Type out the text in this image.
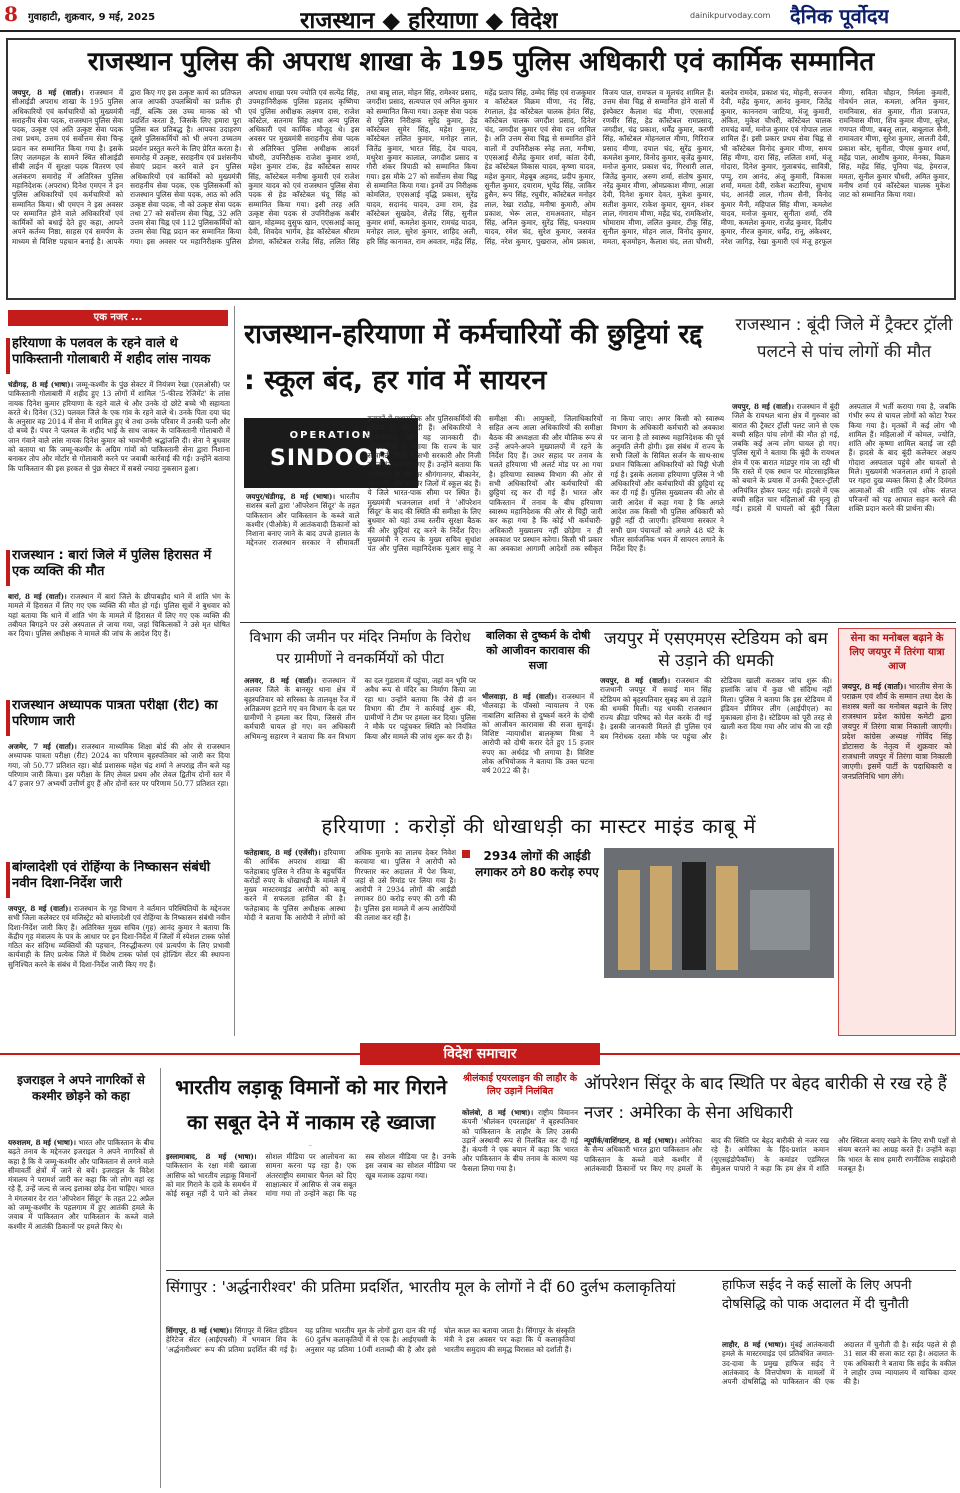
8 गुवाहाटी, शुक्रवार, 9 मई, 2025	राजस्थान ◆ हरियाणा ◆ विदेश	dainikpurvoday.com दैनिक पूर्वोदय
राजस्थान पुलिस की अपराध शाखा के 195 पुलिस अधिकारी एवं कार्मिक सम्मानित
जयपुर, 8 मई (वार्ता)। राजस्थान में सीआईडी अपराध शाखा के 195 पुलिस अधिकारियों एवं कर्मचारियों को मुख्यमंत्री सराहनीय सेवा पदक, राजस्थान पुलिस सेवा पदक, उत्कृष्ट एवं अति उत्कृष्ट सेवा पदक तथा प्रथम, उत्तम एवं सर्वोत्तम सेवा चिन्ह प्रदान कर सम्मानित किया गया है। इसके लिए जलमहल के सामने स्थित सीआईडी सीबी लाईन में सुरक्षा पदक वितरण एवं अलंकरण समारोह में अतिरिक्त पुलिस महानिदेशक (अपराध) दिनेश एमएन ने इन पुलिस अधिकारियों एवं कर्मचारियों को सम्मानित किया। श्री एमएन ने इस अवसर पर सम्मानित होने वाले अधिकारियों एवं कार्मिकों को बधाई देते हुए कहा, आपने अपने कर्तव्य निष्ठा, साहस एवं समर्पण के माध्यम से विशिष्ट पहचान बनाई है। आपके द्वारा किए गए इस उत्कृष्ट कार्य का प्रतिफल आज आपकी उपलब्धियों का प्रतीक ही नहीं, बल्कि उस उच्च मानक को भी प्रदर्शित करता है, जिसके लिए हमारा पूरा पुलिस बल प्रतिबद्ध है। आपका उदाहरण दूसरे पुलिसकर्मियों को भी अपना उच्चतम प्रदर्शन प्रस्तुत करने के लिए प्रेरित करता है। समारोह में उत्कृष्ट, सराहनीय एवं प्रशंसनीय सेवाएं प्रदान करने वाले इन पुलिस अधिकारियों एवं कार्मिकों को मुख्यमंत्री सराहनीय सेवा पदक, एक पुलिसकर्मी को राजस्थान पुलिस सेवा पदक, आठ को अति उत्कृष्ट सेवा पदक, नौ को उत्कृष्ट सेवा पदक तथा 27 को सर्वोत्तम सेवा चिह्न, 32 अति उत्तम सेवा चिह्न एवं 112 पुलिसकर्मियों को उत्तम सेवा चिह्न प्रदान कर सम्मानित किया गया। इस अवसर पर महानिरीक्षक पुलिस अपराध शाखा परम ज्योति एवं सत्येंद्र सिंह, उपमहानिरीक्षक पुलिस प्रहलाद कृष्णिया एवं पुलिस अधीक्षक लक्ष्मण दास, राजेश कॉस्टेल, सतनाम सिंह तथा अन्य पुलिस अधिकारी एवं कार्मिक मौजूद थे। इस अवसर पर मुख्यमंत्री सराहनीय सेवा पदक से अतिरिक्त पुलिस अधीक्षक आदर्श चौधरी, उपनिरीक्षक राजेश कुमार शर्मा, महेश कुमार टांक, हेड कॉस्टेबल सायर सिंह, कॉस्टेबल मनीषा कुमारी एवं राजेश कुमार यादव को एवं राजस्थान पुलिस सेवा पदक से हेड कॉस्टेबल चंदू सिंह को सम्मानित किया गया। इसी तरह अति उत्कृष्ट सेवा पदक से उपनिरीक्षक कबीर खान, मोहम्मद युसुफ खान, एएसआई कालू देवी, शिवदेव भार्गव, हेड कॉस्टेबल श्रीराम डोगरा, कॉस्टेबल राजेंद्र सिंह, ललित सिंह तथा बाबू लाल, मोहन सिंह, रामेश्वर प्रसाद, जगदीश प्रसाद, सत्यपाल एवं अनिल कुमार को सम्मानित किया गया। उत्कृष्ट सेवा पदक से पुलिस निरीक्षक सुरेंद्र कुमार, हेड कॉस्टेबल सुमेर सिंह, महेश कुमार, कॉस्टेबल ललित कुमार, मनोहर लाल, जितेंद्र कुमार, भारत सिंह, देव यादव, मथुरेश कुमार कालाल, जगदीश प्रसाद व गौरी शंकर त्रिपाठी को सम्मानित किया गया। इस मौके 27 को सर्वोत्तम सेवा चिह्न से सम्मानित किया गया। इनमें उप निरीक्षक कोमलित, एएसआई वृद्धि प्रकाश, सुरेंद्र यादव, सदानंद यादव, उमा राम, हेड कॉस्टेबल सुखदेव, शैलेंद्र सिंह, सुनील कुमार शर्मा, कमलेश कुमार, रामचंद्र यादव, मनोहर लाल, सुरेश कुमार, शाहिद अली, हरि सिंह कानावत, राम अवतार, महेंद्र सिंह, महेंद्र प्रताप सिंह, उम्मेद सिंह एवं राजकुमार व कॉस्टेबल विक्रम मीणा, नंद सिंह, रंगलाल, हेड कॉस्टेबल चालक हेमंत सिंह, कॉस्टेबल चालक जगदीश प्रसाद, दिनेश चंद, जगदीश कुमार एवं सेवा दत्त शामिल है। अति उत्तम सेवा चिह्न से सम्मानित होने वालों में उपनिरीक्षक स्नेह लता, मनीषा, एएसआई शैलेंद्र कुमार शर्मा, कांता देवी, हेड कॉस्टेबल विकास यादव, कृष्णा यादव, महेश कुमार, मेहबूब अहमद, प्रदीप कुमार, सुनील कुमार, दयाराम, भूपेंद्र सिंह, जाकिर हुसैन, रूप सिंह, रघुवीर, कॉस्टेबल मनोहर लाल, रेखा राठौड़, मनीषा कुमारी, ओम प्रकाश, भेरू लाल, रामअवतार, मोहन सिंह, अनिल कुमार, सुरेंद्र सिंह, घनश्याम यादव, रमेश चंद, सुरेश कुमार, जसवंत सिंह, नरेश कुमार, पुखराज, ओम प्रकाश, विजय पाल, रामफल व मूलचंद शामिल हैं। उत्तम सेवा चिह्न से सम्मानित होने वालों में इंस्पेक्टर कैलाश चंद्र मीणा, एएसआई रणवीर सिंह, हेड कॉस्टेबल रामप्रसाद, जगदीश, चंद्र प्रकाश, धर्मेंद्र कुमार, करणी सिंह, कॉस्टेबल मोहनलाल मीणा, गिरिराज प्रसाद मीणा, दयाल चंद, सुरेंद्र कुमार, कमलेश कुमार, विनोद कुमार, बृजेंद्र कुमार, मनोज कुमार, प्रकाश चंद, गिरधारी लाल, जितेंद्र कुमार, अरुण शर्मा, संतोष कुमार, नरेंद्र कुमार मीणा, ओमप्रकाश मीणा, आज्ञा देवी, दिनेश कुमार देवत, मुकेश कुमार, सतीश कुमार, राकेश कुमार, सुमन, शंकर लाल, गंगाराम मीणा, महेंद्र चंद, रामकिशोर, भोमाराम मीणा, ललित कुमार, टीकू सिंह, सुनील कुमार, मोहन लाल, विनोद कुमार, ममता, बृजमोहन, कैलाश चंद, लता चौधरी, बलदेव रामदेव, प्रकाश चंद, मोहनी, सज्जन देवी, महेंद्र कुमार, आनंद कुमार, जितेंद्र कुमार, काननराम जाटिया, मंजू कुमारी, अंकित, मुकेश चौधरी, कॉस्टेबल चालक रामचंद्र वर्मा, मनोज कुमार एवं गोपाल लाल शामिल हैं। इसी प्रकार प्रथम सेवा चिह्न से भी कॉस्टेबल विनोद कुमार मीणा, समय सिंह मीणा, दारा सिंह, ललिता शर्मा, मंजू गोदारा, दिनेश कुमार, गुलाबचंद, सावित्री, पप्पू, राम आनंद, अंजू कुमारी, विकास शर्मा, ममता देवी, राकेश कटारिया, सुभाष चंद, आनंदी लाल, गौतम सैनी, विनोद कुमार मैनी, महिपाल सिंह मीणा, कमलेश यादव, मनोज कुमार, सुनीता शर्मा, रवि मीणा, कमलेश कुमार, राजेंद्र कुमार, दिलीप कुमार, नीरज कुमार, धर्मेंद्र, रानू, अंकेश्वर, नरेश जागिड़, रेखा कुमारी एवं मंजू हरफूल मीणा, सविता चौहान, निर्मला कुमारी, गोवर्धन लाल, कमला, अनिल कुमार, रामनिवास, संत कुमार, गीता प्रजापत, रामनिवास मीणा, शिव कुमार मीणा, सुरेश, गणपत मीणा, बबलू लाल, बाबूलाल सैनी, रामावतार मीणा, सुरेश कुमार, लालती देवी, प्रकाश कोर, सुनीता, पीएस कुमार शर्मा, महेंद्र पाल, आशीष कुमार, मेनका, विक्रम सिंह, महेंद्र सिंह, पूनिया चंद्र, हेमराज, ममता, सुनील कुमार चौधरी, अमित कुमार, मनीष शर्मा एवं कॉस्टेबल चालक मुकेश जाट को सम्मानित किया गया।
एक नजर ...
हरियाणा के पलवल के रहने वाले थे पाकिस्तानी गोलाबारी में शहीद लांस नायक
चंडीगढ़, 8 मई (भाषा)। जम्मू-कश्मीर के पुंछ सेक्टर में नियंत्रण रेखा (एलओसी) पर पाकिस्तानी गोलाबारी में शहीद हुए 13 लोगों में शामिल '5-फील्ड रेजिमेंट' के लांस नायक दिनेश कुमार हरियाणा के रहने वाले थे और उनके दो छोटे बच्चे भी सहायता करते थे। दिनेश (32) पलवल जिले के एक गांव के रहने वाले थे। उनके पिता दया चंद के अनुसार वह 2014 में सेना में शामिल हुए थे तथा उनके परिवार में उनकी पत्नी और दो बच्चे हैं। पंचर ने पलवल के शहीद भाई के साथ जाकर के पाकिस्तानी गोलाबारी में जान गंवाने वाले लांस नायक दिनेश कुमार को भावभीनी श्रद्धांजलि दी। सेना ने बुधवार को बताया था कि जम्मू-कश्मीर के अग्रिम गांवों को पाकिस्तानी सेना द्वारा निशाना बनाकर तोप और मोर्टार से गोलाबारी करने पर जवाबी कार्रवाई की गई। उन्होंने बताया कि पाकिस्तान की इस हरकत से पुंछ सेक्टर में सबसे ज्यादा नुकसान हुआ।
राजस्थान : बारां जिले में पुलिस हिरासत में एक व्यक्ति की मौत
बारां, 8 मई (वार्ता)। राजस्थान में बारां जिले के छीपाबड़ौद थाने में शांति भंग के मामले में हिरासत में लिए गए एक व्यक्ति की मौत हो गई। पुलिस सूत्रों ने बुधवार को यहां बताया कि थाने में शांति भंग के मामले में हिरासत में लिए गए एक व्यक्ति की तबीयत बिगड़ने पर उसे अस्पताल ले जाया गया, जहां चिकित्सकों ने उसे मृत घोषित कर दिया। पुलिस अधीक्षक ने मामले की जांच के आदेश दिए हैं।
राजस्थान अध्यापक पात्रता परीक्षा (रीट) का परिणाम जारी
अजमेर, 7 मई (वार्ता)। राजस्थान माध्यमिक शिक्षा बोर्ड की ओर से राजस्थान अध्यापक पात्रता परीक्षा (रीट) 2024 का परिणाम बृहस्पतिवार को जारी कर दिया गया, जो 50.77 प्रतिशत रहा। बोर्ड प्रशासक महेश चंद्र शर्मा ने अपराह्न तीन बजे यह परिणाम जारी किया। इस परीक्षा के लिए लेवल प्रथम और लेवल द्वितीय दोनों स्तर में 47 हजार 97 अभ्यर्थी उत्तीर्ण हुए हैं और दोनों स्तर पर परिणाम 50.77 प्रतिशत रहा।
बांग्लादेशी एवं रोहिंग्या के निष्कासन संबंधी नवीन दिशा-निर्देश जारी
जयपुर, 8 मई (वार्ता)। राजस्थान के गृह विभाग ने वर्तमान परिस्थितियों के मद्देनजर सभी जिला कलेक्टर एवं मजिस्ट्रेट को बांग्लादेशी एवं रोहिंग्या के निष्कासन संबंधी नवीन दिशा-निर्देश जारी किए हैं। अतिरिक्त मुख्य सचिव (गृह) आनंद कुमार ने बताया कि केंद्रीय गृह मंत्रालय के पत्र के आधार पर इन दिशा-निर्देश में जिलों में स्पेशल टास्क फोर्स गठित कर संदिग्ध व्यक्तियों की पहचान, निरुद्धीकरण एवं प्रत्यर्पण के लिए प्रभावी कार्यवाही के लिए प्रत्येक जिले में विशेष टास्क फोर्स एवं होल्डिंग सेंटर की स्थापना सुनिश्चित करने के संबंध में दिशा-निर्देश जारी किए गए हैं।
राजस्थान-हरियाणा में कर्मचारियों की छुट्टियां रद्द : स्कूल बंद, हर गांव में सायरन
OPERATION
SINDOOR
जयपुर/चंडीगढ़, 8 मई (भाषा)। भारतीय सशस्त्र बलों द्वारा 'ऑपरेशन सिंदूर' के तहत पाकिस्तान और पाकिस्तान के कब्जे वाले कश्मीर (पीओके) में आतंकवादी ठिकानों को निशाना बनाए जाने के बाद उपजे हालात के मद्देनजर राजस्थान सरकार ने सीमावर्ती इलाकों में प्रशासनिक और पुलिसकर्मियों की छुट्टियां रद्द कर दी हैं। अधिकारियों ने बृहस्पतिवार को यह जानकारी दी। अधिकारियों ने बताया कि राज्य के चार सीमावर्ती जिलों में सभी सरकारी और निजी स्कूल बंद कर दिए गए हैं। उन्होंने बताया कि एहतियात के तौर पर श्रीगंगानगर, बीकानेर, जैसलमेर और बाड़मेर जिलों में स्कूल बंद हैं। ये जिले भारत-पाक सीमा पर स्थित हैं। मुख्यमंत्री भजनलाल शर्मा ने 'ऑपरेशन सिंदूर' के बाद की स्थिति की समीक्षा के लिए बुधवार को यहां उच्च स्तरीय सुरक्षा बैठक की और छुट्टियां रद्द करने के निर्देश दिए। मुख्यमंत्री ने राज्य के मुख्य सचिव सुधांश पंत और पुलिस महानिदेशक यूआर साहू ने समीक्षा की। आयुक्तों, जिलाधिकारियों सहित अन्य आला अधिकारियों की समीक्षा बैठक की अध्यक्षता की और मौलिक रूप से उन्हें अपने-अपने मुख्यालयों में रहने के निर्देश दिए हैं। उधर सहाद पर तनाव के चलते हरियाणा भी अलर्ट मोड पर आ गया है। हरियाणा स्वास्थ्य विभाग की ओर से सभी अधिकारियों और कर्मचारियों की छुट्टियां रद्द कर दी गई हैं। भारत और पाकिस्तान में तनाव के बीच हरियाणा स्वास्थ्य महानिदेशक की ओर से चिट्ठी जारी कर कहा गया है कि कोई भी कर्मचारी-अधिकारी मुख्यालय नहीं छोड़ेगा न ही अवकाश पर प्रस्थान करेगा। किसी भी प्रकार का अवकाश आगामी आदेशों तक स्वीकृत ना किया जाए। अगर किसी को स्वास्थ्य विभाग के अधिकारी कर्मचारी को अवकाश पर जाना है तो स्वास्थ्य महानिदेशक की पूर्व अनुमति लेनी होगी। इस संबंध में राज्य के सभी जिलों के सिविल सर्जन के साथ-साथ प्रधान चिकित्सा अधिकारियों को चिट्ठी भेजी गई है। इसके अलावा हरियाणा पुलिस ने भी अधिकारियों और कर्मचारियों की छुट्टियां रद्द कर दी गई हैं। पुलिस मुख्यालय की ओर से जारी आदेश में कहा गया है कि अगले आदेश तक किसी भी पुलिस अधिकारी को छुट्टी नहीं दी जाएगी। हरियाणा सरकार ने सभी ग्राम पंचायतों को अगले 48 घंटे के भीतर सार्वजनिक भवन में सायरन लगाने के निर्देश दिए हैं।
राजस्थान : बूंदी जिले में ट्रैक्टर ट्रॉली पलटने से पांच लोगों की मौत
जयपुर, 8 मई (वार्ता)। राजस्थान में बूंदी जिले के रायथल थाना क्षेत्र में गुरुवार को बारात की ट्रैक्टर ट्रॉली पलट जाने से एक बच्ची सहित पांच लोगों की मौत हो गई, जबकि कई अन्य लोग घायल हो गए। पुलिस सूत्रों ने बताया कि बूंदी के रायथल क्षेत्र में एक बारात मांडपुर गांव जा रही थी कि रास्ते में एक स्थान पर मोटरसाइकिल को बचाने के प्रयास में उनकी ट्रैक्टर-ट्रॉली अनियंत्रित होकर पलट गई। हादसे में एक बच्ची सहित चार महिलाओं की मृत्यु हो गई। हादसे में घायलों को बूंदी जिला अस्पताल में भर्ती कराया गया है, जबकि गंभीर रूप से घायल लोगों को कोटा रैफर किया गया है। मृतकों में कई लोग भी शामिल हैं। महिलाओं में कोमल, ज्योति, शांति और कृष्णा शामिल बताई जा रही हैं। हादसे के बाद बूंदी कलेक्टर अक्षय गोदारा अस्पताल पहुंचे और घायलों से मिले। मुख्यमंत्री भजनलाल शर्मा ने हादसे पर गहरा दुख व्यक्त किया है और दिवंगत आत्माओं की शांति एवं शोक संतप्त परिजनों को यह आघात सहन करने की शक्ति प्रदान करने की प्रार्थना की।
विभाग की जमीन पर मंदिर निर्माण के विरोध पर ग्रामीणों ने वनकर्मियों को पीटा
अलवर, 8 मई (वार्ता)। राजस्थान में अलवर जिले के बानसूर थाना क्षेत्र में बृहस्पतिवार को सरिस्का के तालवृक्ष रेंज में अतिक्रमण हटाने गए वन विभाग के दल पर ग्रामीणों ने हमला कर दिया, जिससे तीन कर्मचारी घायल हो गए। वन अधिकारी अभिमन्यु सहारण ने बताया कि वन विभाग का दल गुडाराम में पहुंचा, जहां वन भूमि पर अवैध रूप से मंदिर का निर्माण किया जा रहा था। उन्होंने बताया कि जैसे ही वन विभाग की टीम ने कार्रवाई शुरू की, ग्रामीणों ने टीम पर हमला कर दिया। पुलिस ने मौके पर पहुंचकर स्थिति को नियंत्रित किया और मामले की जांच शुरू कर दी है।
बालिका से दुष्कर्म के दोषी को आजीवन कारावास की सजा
भीलवाड़ा, 8 मई (वार्ता)। राजस्थान में भीलवाड़ा के पॉक्सो न्यायालय ने एक नाबालिग बालिका से दुष्कर्म करने के दोषी को आजीवन कारावास की सजा सुनाई। विशिष्ट न्यायाधीश बालकृष्ण मिश्रा ने आरोपी को दोषी करार देते हुए 15 हजार रुपए का अर्थदंड भी लगाया है। विशिष्ट लोक अभियोजक ने बताया कि उक्त घटना वर्ष 2022 की है।
जयपुर में एसएमएस स्टेडियम को बम से उड़ाने की धमकी
जयपुर, 8 मई (वार्ता)। राजस्थान की राजधानी जयपुर में सवाई मान सिंह स्टेडियम को बृहस्पतिवार सुबह बम से उड़ाने की धमकी मिली। यह धमकी राजस्थान राज्य क्रीड़ा परिषद को मेल करके दी गई है। इसकी जानकारी मिलते ही पुलिस एवं बम निरोधक दस्ता मौके पर पहुंचा और स्टेडियम खाली कराकर जांच शुरू की। हालांकि जांच में कुछ भी संदिग्ध नहीं मिला। पुलिस ने बताया कि इस स्टेडियम में इंडियन प्रीमियर लीग (आईपीएल) का मुकाबला होना है। स्टेडियम को पूरी तरह से खाली करा दिया गया और जांच की जा रही है।
सेना का मनोबल बढ़ाने के लिए जयपुर में तिरंगा यात्रा आज
जयपुर, 8 मई (वार्ता)। भारतीय सेना के पराक्रम एवं शौर्य के सम्मान तथा देश के सशस्त्र बलों का मनोबल बढ़ाने के लिए राजस्थान प्रदेश कांग्रेस कमेटी द्वारा जयपुर में तिरंगा यात्रा निकाली जाएगी। प्रदेश कांग्रेस अध्यक्ष गोविंद सिंह डोटासरा के नेतृत्व में शुक्रवार को राजधानी जयपुर में तिरंगा यात्रा निकाली जाएगी। इसमें पार्टी के पदाधिकारी व जनप्रतिनिधि भाग लेंगे।
हरियाणा : करोड़ों की धोखाधड़ी का मास्टर माइंड काबू में
फतेहाबाद, 8 मई (एजेंसी)। हरियाणा की आर्थिक अपराध शाखा की फतेहाबाद पुलिस ने रतिया के बहुचर्चित करोड़ों रुपए के धोखाधड़ी के मामले में मुख्य मास्टरमाइंड आरोपी को काबू करने में सफलता हासिल की है। फतेहाबाद के पुलिस अधीक्षक आस्था मोदी ने बताया कि आरोपी ने लोगों को अधिक मुनाफे का लालच देकर निवेश करवाया था। पुलिस ने आरोपी को गिरफ्तार कर अदालत में पेश किया, जहां से उसे रिमांड पर लिया गया है। आरोपी ने 2934 लोगों की आईडी लगाकर 80 करोड़ रुपए की ठगी की है। पुलिस इस मामले में अन्य आरोपियों की तलाश कर रही है।
2934 लोगों की आईडी लगाकर ठगे 80 करोड़ रुपए
विदेश समाचार
इजराइल ने अपने नागरिकों से कश्मीर छोड़ने को कहा
यरुशलम, 8 मई (भाषा)। भारत और पाकिस्तान के बीच बढ़ते तनाव के मद्देनजर इजराइल ने अपने नागरिकों से कहा है कि वे जम्मू-कश्मीर और पाकिस्तान से लगने वाले सीमावर्ती क्षेत्रों में जाने से बचें। इजराइल के विदेश मंत्रालय ने परामर्श जारी कर कहा कि जो लोग वहां रह रहे हैं, उन्हें जल्द से जल्द इलाका छोड़ देना चाहिए। भारत ने मंगलवार देर रात 'ऑपरेशन सिंदूर' के तहत 22 अप्रैल को जम्मू-कश्मीर के पहलगाम में हुए आतंकी हमले के जवाब में पाकिस्तान और पाकिस्तान के कब्जे वाले कश्मीर में आतंकी ठिकानों पर हमले किए थे।
भारतीय लड़ाकू विमानों को मार गिराने का सबूत देने में नाकाम रहे ख्वाजा
इस्लामाबाद, 8 मई (भाषा)। पाकिस्तान के रक्षा मंत्री ख्वाजा आसिफ को भारतीय लड़ाकू विमानों को मार गिराने के दावे के समर्थन में कोई सबूत नहीं दे पाने को लेकर सोशल मीडिया पर आलोचना का सामना करना पड़ रहा है। एक अंतरराष्ट्रीय समाचार चैनल को दिए साक्षात्कार में आसिफ से जब सबूत मांगा गया तो उन्होंने कहा कि यह सब सोशल मीडिया पर है। उनके इस जवाब का सोशल मीडिया पर खूब मजाक उड़ाया गया।
श्रीलंकाई एयरलाइन की लाहौर के लिए उड़ानें निलंबित
कोलंबो, 8 मई (भाषा)। राष्ट्रीय विमानन कंपनी 'श्रीलंकन एयरलाइंस' ने बृहस्पतिवार को पाकिस्तान के लाहौर के लिए उसकी उड़ानें अस्थायी रूप से निलंबित कर दी गई हैं। कंपनी ने एक बयान में कहा कि भारत और पाकिस्तान के बीच तनाव के कारण यह फैसला लिया गया है।
ऑपरेशन सिंदूर के बाद स्थिति पर बेहद बारीकी से रख रहे हैं नजर : अमेरिका के सेना अधिकारी
न्यूयॉर्क/वाशिंगटन, 8 मई (भाषा)। अमेरिका के सैन्य अधिकारी भारत द्वारा पाकिस्तान और पाकिस्तान के कब्जे वाले कश्मीर में आतंकवादी ठिकानों पर किए गए हमलों के बाद की स्थिति पर बेहद बारीकी से नजर रख रहे हैं। अमेरिका के हिंद-प्रशांत कमान (यूएसइंडोपैकॉम) के कमांडर एडमिरल सैमुअल पापारो ने कहा कि हम क्षेत्र में शांति और स्थिरता बनाए रखने के लिए सभी पक्षों से संयम बरतने का आग्रह करते हैं। उन्होंने कहा कि भारत के साथ हमारी रणनीतिक साझेदारी मजबूत है।
सिंगापुर : 'अर्द्धनारीश्वर' की प्रतिमा प्रदर्शित, भारतीय मूल के लोगों ने दीं 60 दुर्लभ कलाकृतियां
सिंगापुर, 8 मई (भाषा)। सिंगापुर में स्थित इंडियन हेरिटेज सेंटर (आईएचसी) में भगवान शिव के 'अर्द्धनारीश्वर' रूप की प्रतिमा प्रदर्शित की गई है। यह प्रतिमा भारतीय मूल के लोगों द्वारा दान की गई 60 दुर्लभ कलाकृतियों में से एक है। आईएचसी के अनुसार यह प्रतिमा 10वीं शताब्दी की है और इसे चोल काल का बताया जाता है। सिंगापुर के संस्कृति मंत्री ने इस अवसर पर कहा कि ये कलाकृतियां भारतीय समुदाय की समृद्ध विरासत को दर्शाती हैं।
हाफिज सईद ने कई सालों के लिए अपनी दोषसिद्धि को पाक अदालत में दी चुनौती
लाहौर, 8 मई (भाषा)। मुंबई आतंकवादी हमले के मास्टरमाइंड एवं प्रतिबंधित जमात-उद-दावा के प्रमुख हाफिज सईद ने आतंकवाद के वित्तपोषण के मामलों में अपनी दोषसिद्धि को पाकिस्तान की एक अदालत में चुनौती दी है। सईद पहले से ही 31 साल की सजा काट रहा है। अदालत के एक अधिकारी ने बताया कि सईद के वकील ने लाहौर उच्च न्यायालय में याचिका दायर की है।
